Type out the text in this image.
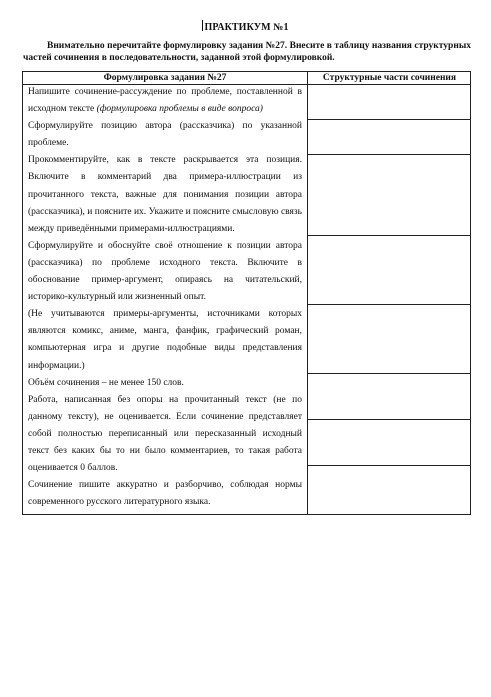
ПРАКТИКУМ №1
Внимательно перечитайте формулировку задания №27. Внесите в таблицу названия структурных частей сочинения в последовательности, заданной этой формулировкой.
Формулировка задания №27	Структурные части сочинения

Напишите сочинение-рассуждение по проблеме, поставленной в исходном тексте (формулировка проблемы в виде вопроса)

Сформулируйте позицию автора (рассказчика) по указанной проблеме.

Прокомментируйте, как в тексте раскрывается эта позиция. Включите в комментарий два примера-иллюстрации из прочитанного текста, важные для понимания позиции автора (рассказчика), и поясните их. Укажите и поясните смысловую связь между приведёнными примерами-иллюстрациями.

Сформулируйте и обоснуйте своё отношение к позиции автора (рассказчика) по проблеме исходного текста. Включите в обоснование пример-аргумент, опираясь на читательский, историко-культурный или жизненный опыт.

(Не учитываются примеры-аргументы, источниками которых являются комикс, аниме, манга, фанфик, графический роман, компьютерная игра и другие подобные виды представления информации.)

Объём сочинения – не менее 150 слов.

Работа, написанная без опоры на прочитанный текст (не по данному тексту), не оценивается. Если сочинение представляет собой полностью переписанный или пересказанный исходный текст без каких бы то ни было комментариев, то такая работа оценивается 0 баллов.

Сочинение пишите аккуратно и разборчиво, соблюдая нормы современного русского литературного языка.
